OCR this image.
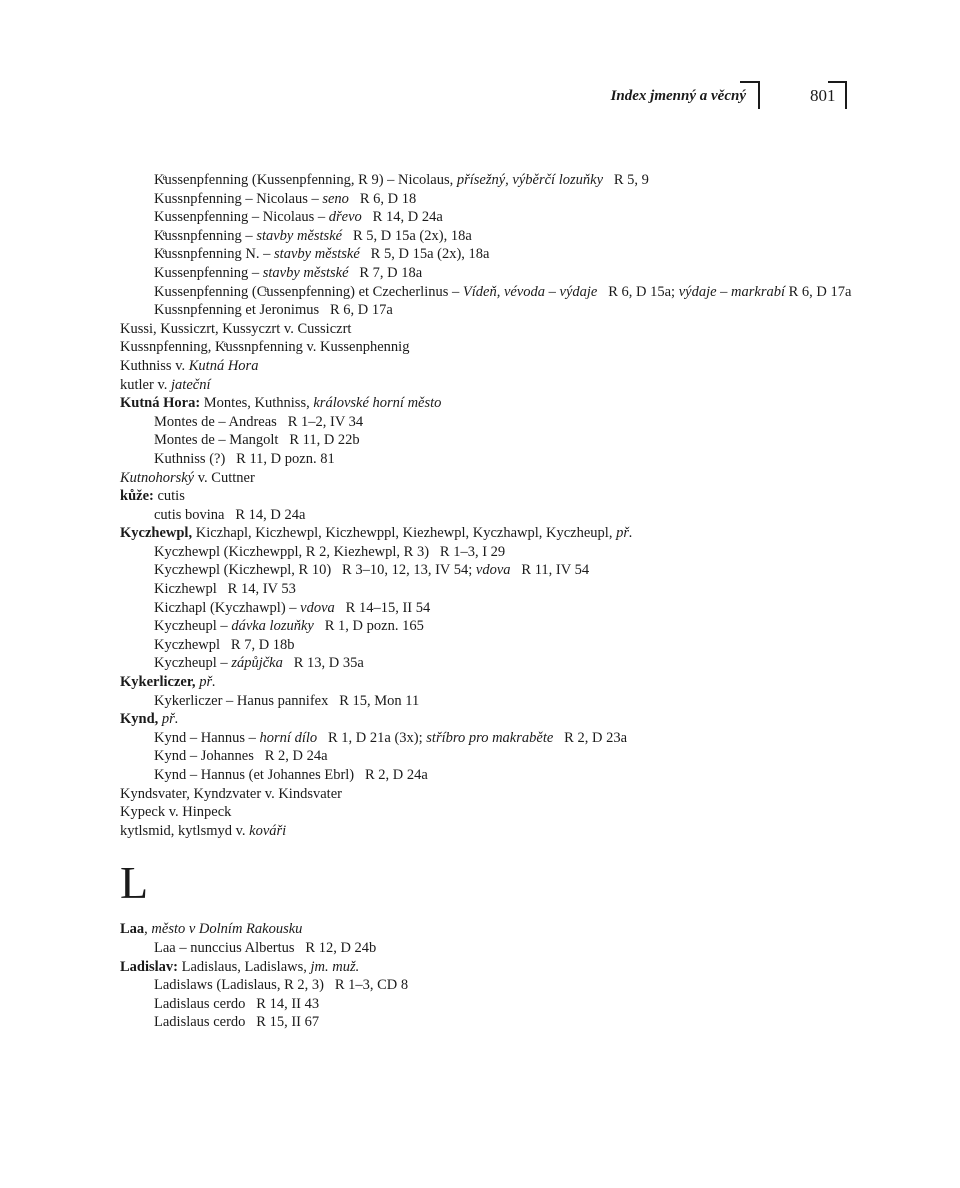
Index jmenný a věcný	801
Kͤussenpfenning (Kussenpfenning, R 9) – Nicolaus, přísežný, výběrčí lozuňky   R 5, 9
Kussnpfenning – Nicolaus – seno   R 6, D 18
Kussenpfenning – Nicolaus – dřevo   R 14, D 24a
Kͤussnpfenning – stavby městské   R 5, D 15a (2x), 18a
Kͤussnpfenning N. – stavby městské   R 5, D 15a (2x), 18a
Kussenpfenning – stavby městské   R 7, D 18a
Kussenpfenning (Cͤussenpfenning) et Czecherlinus – Vídeň, vévoda – výdaje   R 6, D 15a; výdaje – markrabí R 6, D 17a
Kussnpfenning et Jeronimus   R 6, D 17a
Kussi, Kussiczrt, Kussyczrt v. Cussiczrt
Kussnpfenning, Kͤussnpfenning v. Kussenphennig
Kuthniss v. Kutná Hora
kutler v. jateční
Kutná Hora: Montes, Kuthniss, královské horní město
Montes de – Andreas   R 1–2, IV 34
Montes de – Mangolt   R 11, D 22b
Kuthniss (?)   R 11, D pozn. 81
Kutnohorský v. Cuttner
kůže: cutis
cutis bovina   R 14, D 24a
Kyczhewpl, Kiczhapl, Kiczhewpl, Kiczhewppl, Kiezhewpl, Kyczhawpl, Kyczheupl, př.
Kyczhewpl (Kiczhewppl, R 2, Kiezhewpl, R 3)   R 1–3, I 29
Kyczhewpl (Kiczhewpl, R 10)   R 3–10, 12, 13, IV 54; vdova   R 11, IV 54
Kiczhewpl   R 14, IV 53
Kiczhapl (Kyczhawpl) – vdova   R 14–15, II 54
Kyczheupl – dávka lozuňky   R 1, D pozn. 165
Kyczhewpl   R 7, D 18b
Kyczheupl – zápůjčka   R 13, D 35a
Kykerliczer, př.
Kykerliczer – Hanus pannifex   R 15, Mon 11
Kynd, př.
Kynd – Hannus – horní dílo   R 1, D 21a (3x); stříbro pro makraběte   R 2, D 23a
Kynd – Johannes   R 2, D 24a
Kynd – Hannus (et Johannes Ebrl)   R 2, D 24a
Kyndsvater, Kyndzvater v. Kindsvater
Kypeck v. Hinpeck
kytlsmid, kytlsmyd v. kováři
L
Laa, město v Dolním Rakousku
Laa – nunccius Albertus   R 12, D 24b
Ladislav: Ladislaus, Ladislaws, jm. muž.
Ladislaws (Ladislaus, R 2, 3)   R 1–3, CD 8
Ladislaus cerdo   R 14, II 43
Ladislaus cerdo   R 15, II 67
